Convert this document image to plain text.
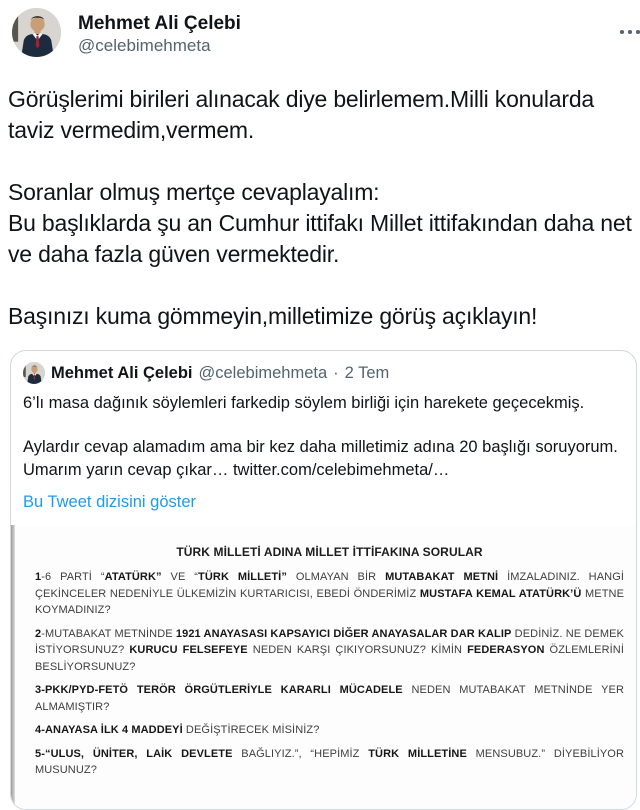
Mehmet Ali Çelebi
@celebimehmeta

Görüşlerimi birileri alınacak diye belirlemem.Milli konularda taviz vermedim,vermem.

Soranlar olmuş mertçe cevaplayalım:
Bu başlıklarda şu an Cumhur ittifakı Millet ittifakından daha net ve daha fazla güven vermektedir.

Başınızı kuma gömmeyin,milletimize görüş açıklayın!

Mehmet Ali Çelebi @celebimehmeta · 2 Tem

6’lı masa dağınık söylemleri farkedip söylem birliği için harekete geçecekmiş.

Aylardır cevap alamadım ama bir kez daha milletimiz adına 20 başlığı soruyorum. Umarım yarın cevap çıkar… twitter.com/celebimehmeta/…

Bu Tweet dizisini göster
TÜRK MİLLETİ ADINA MİLLET İTTİFAKINA SORULAR

1-6 PARTİ “ATATÜRK” VE “TÜRK MİLLETİ” OLMAYAN BİR MUTABAKAT METNİ İMZALADINIZ. HANGİ ÇEKİNCELER NEDENİYLE ÜLKEMİZİN KURTARICISI, EBEDİ ÖNDERİMİZ MUSTAFA KEMAL ATATÜRK’Ü METNE KOYMADINIZ?

2-MUTABAKAT METNİNDE 1921 ANAYASASI KAPSAYICI DİĞER ANAYASALAR DAR KALIP DEDİNİZ. NE DEMEK İSTİYORSUNUZ? KURUCU FELSEFEYE NEDEN KARŞI ÇIKIYORSUNUZ? KİMİN FEDERASYON ÖZLEMLERİNİ BESLİYORSUNUZ?

3-PKK/PYD-FETÖ TERÖR ÖRGÜTLERİYLE KARARLI MÜCADELE NEDEN MUTABAKAT METNİNDE YER ALMAMIŞTIR?

4-ANAYASA İLK 4 MADDEYİ DEĞİŞTİRECEK MİSİNİZ?

5-“ULUS, ÜNİTER, LAİK DEVLETE BAĞLIYIZ.”, “HEPİMİZ TÜRK MİLLETİNE MENSUBUZ.” DİYEBİLİYOR MUSUNUZ?
